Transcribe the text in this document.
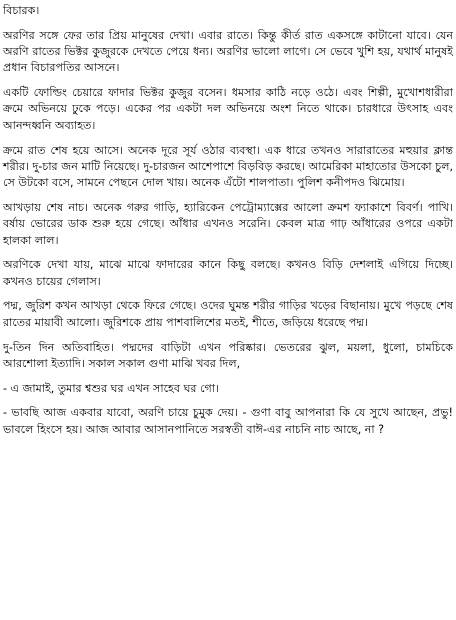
বিচারক।

অরণির সঙ্গে ফের তার প্রিয় মানুষের দেখা। এবার রাতে। কিন্তু কীর্ত রাত একসঙ্গে কাটানো যাবে। যেন অরণি রাতের ভিক্টর কুজুরকে দেখতে পেয়ে ধন্য। অরণির ভালো লাগে। সে ভেবে খুশি হয়, যথার্থ মানুষই প্রধান বিচারপতির আসনে।

একটি ফোল্ডিং চেয়ারে ফাদার ভিক্টর কুজুর বসেন। ধমসার কাঠি নড়ে ওঠে। এবং শিল্পী, মুখোশধারীরা ক্রমে অভিনয়ে ঢুকে পড়ে। একের পর একটা দল অভিনয়ে অংশ নিতে থাকে। চারধারে উৎসাহ এবং আনন্দধ্বনি অব্যাহত।

ক্রমে রাত শেষ হয়ে আসে। অনেক দূরে সূর্য ওঠার ব্যবস্থা। এক ধারে তখনও সারারাতের মহুয়ার ক্লান্ত শরীর। দু-চার জন মাটি নিয়েছে। দু-চারজন আশেপাশে বিড়বিড় করছে। আমেরিকা মাহাতোর উসকো চুল, সে উটকো বসে, সামনে পেছনে দোল খায়। অনেক এঁটো শালপাতা। পুলিশ কনীপদও ঝিমোয়।

আখড়ায় শেষ নাচ। অনেক গরুর গাড়ি, হ্যারিকেন পেট্রোম্যাক্সের আলো ক্রমশ ফ্যাকাশে বিবর্ণ। পাখি। বর্ষায় ভোরের ডাক শুরু হয়ে গেছে। আঁধার এখনও সরেনি। কেবল মাত্র গাঢ় আঁধারের ওপরে একটা হালকা লাল।

অরণিকে দেখা যায়, মাঝে মাঝে ফাদারের কানে কিছু বলছে। কখনও বিড়ি দেশলাই এগিয়ে দিচ্ছে। কখনও চায়ের গেলাস।

পদ্ম, জুরিশ কখন আখড়া থেকে ফিরে গেছে। ওদের ঘুমন্ত শরীর গাড়ির খড়ের বিছানায়। মুখে পড়ছে শেষ রাতের মায়াবী আলো। জুরিশকে প্রায় পাশবালিশের মতই, শীতে, জড়িয়ে ধরেছে পদ্ম।

দু-তিন দিন অতিবাহিত। পদ্মদের বাড়িটা এখন পরিষ্কার। ভেতরের ঝুল, ময়লা, ধুলো, চামচিকে আরশোলা ইত্যাদি। সকাল সকাল গুণা মাঝি খবর দিল,

- এ জামাই, তুমার শ্বশুর ঘর এখন সাহেব ঘর গো।

- ভাবছি আজ একবার যাবো, অরণি চায়ে চুমুক দেয়। - গুণা বাবু আপনারা কি যে সুখে আছেন, প্রভু! ভাবলে হিংসে হয়। আজ আবার আসানপানিতে সরস্বতী বাঈ-এর নাচনি নাচ আছে, না ?
